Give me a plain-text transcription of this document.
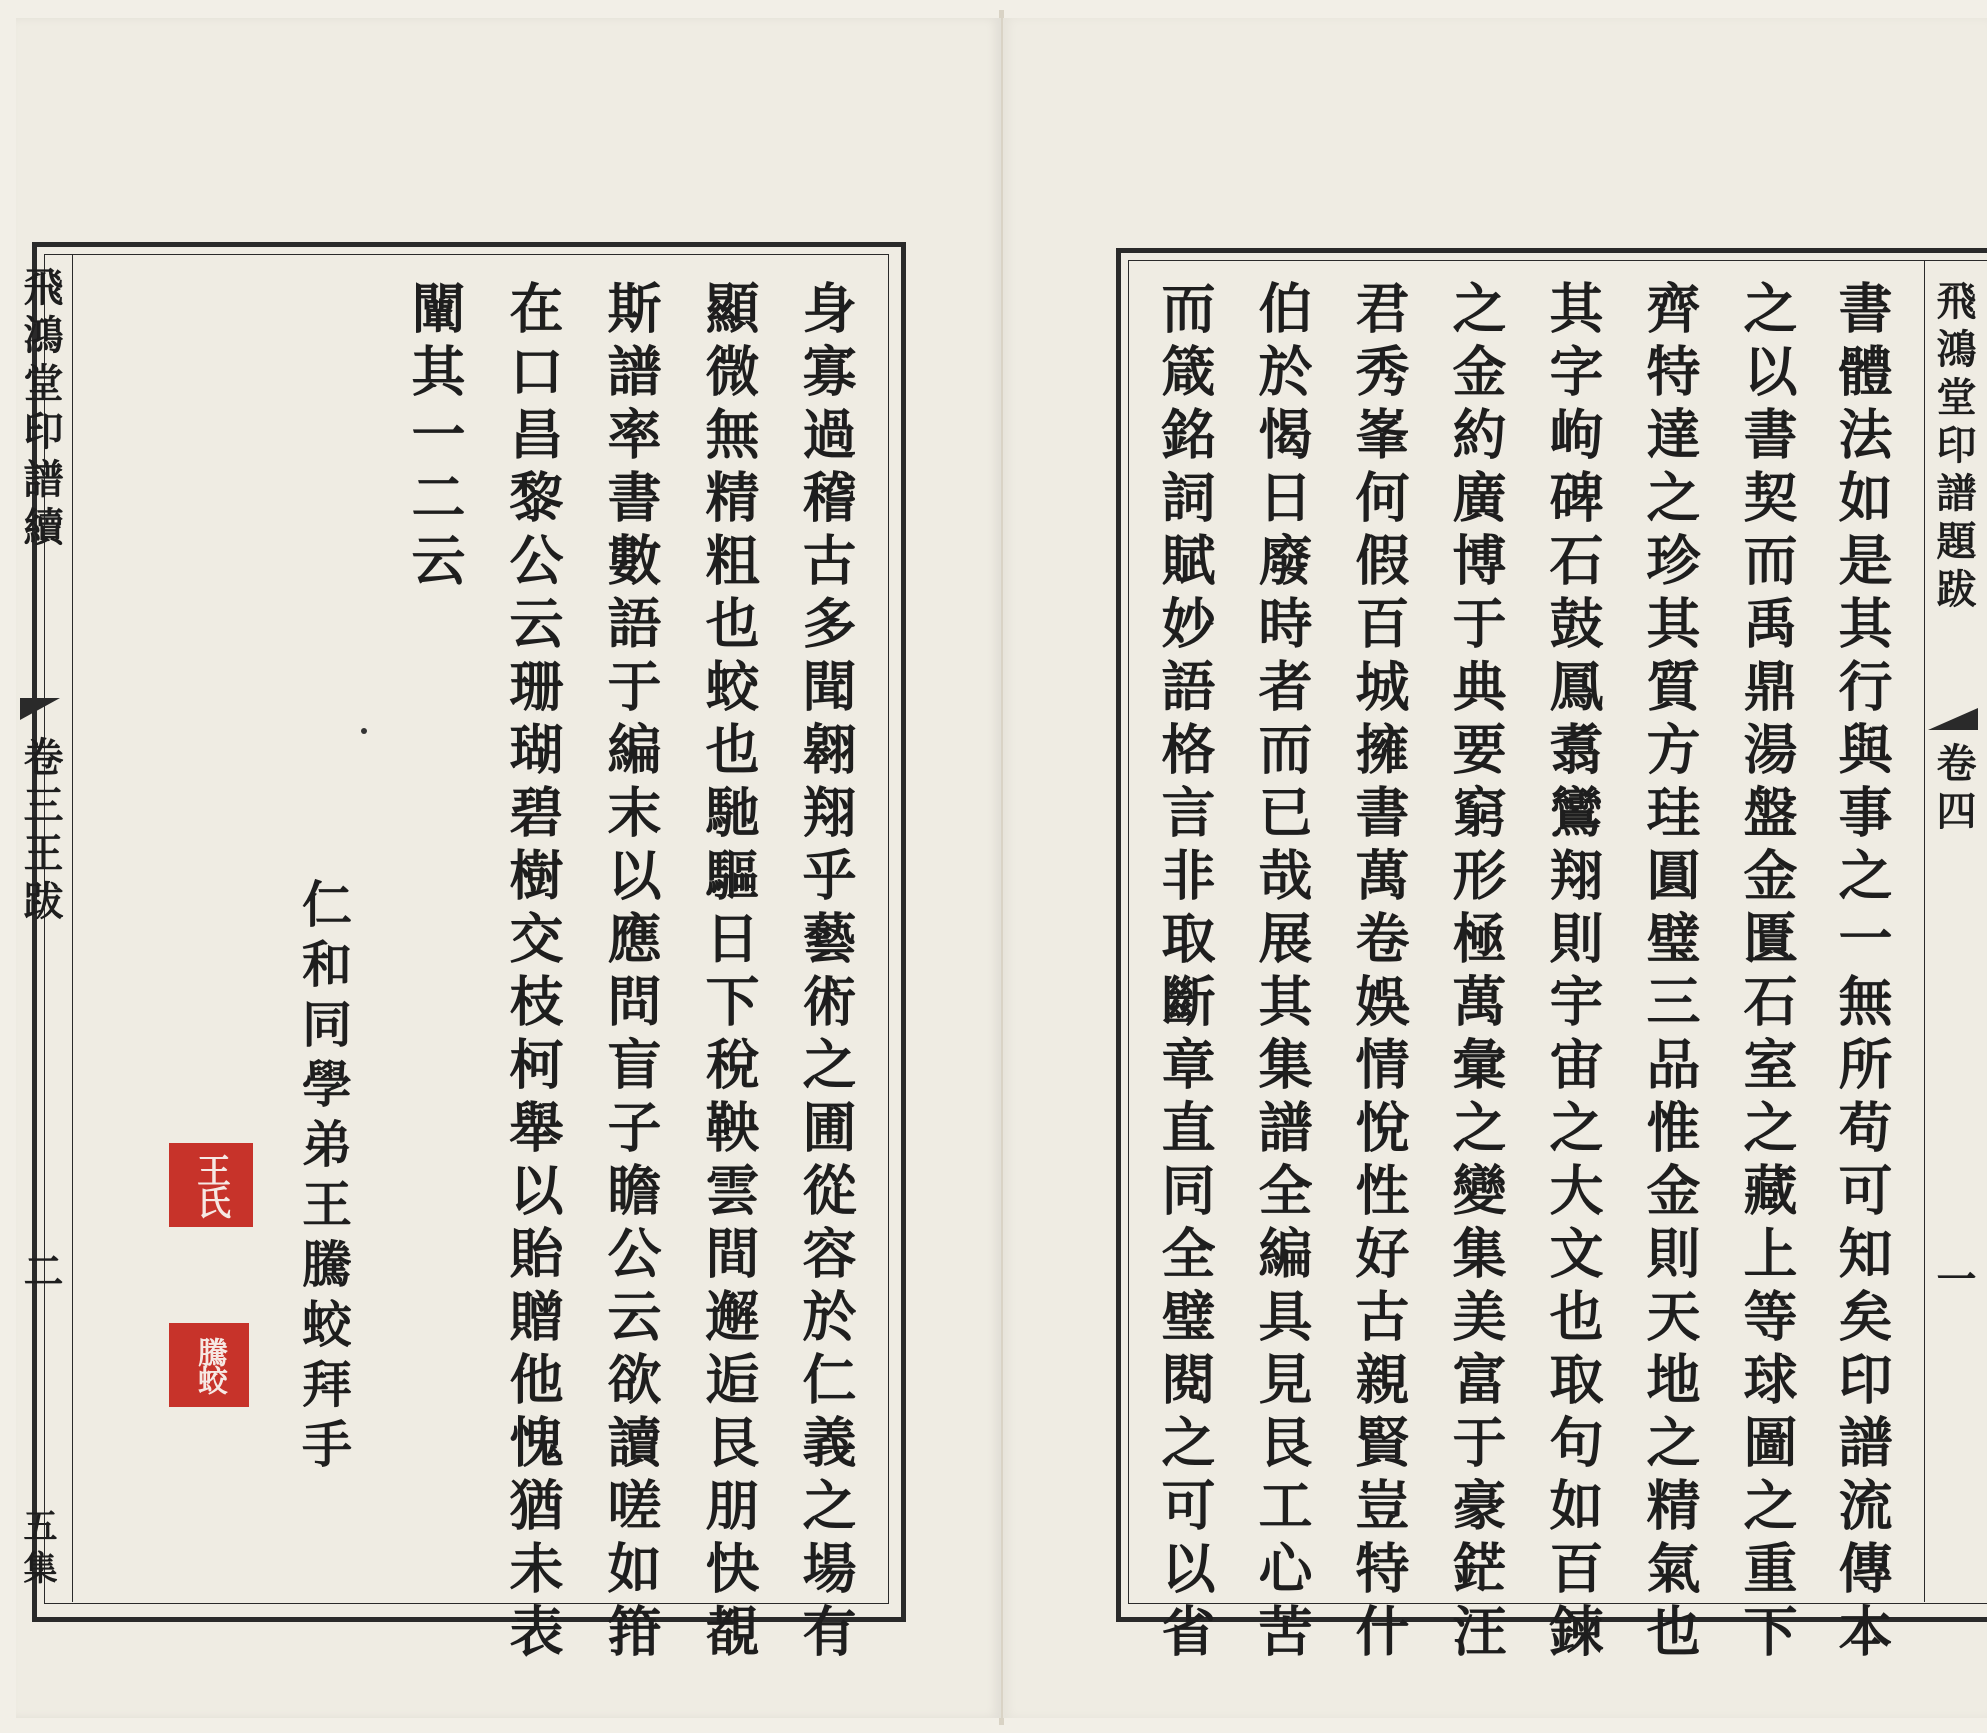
身寡過稽古多聞翱翔乎藝術之圃從容於仁義之場有
顯微無精粗也蛟也馳驅日下稅鞅雲間邂逅艮朋快覩
斯譜率書數語于編末以應問盲子瞻公云欲讀嗟如箝
在口昌黎公云珊瑚碧樹交枝柯舉以貽贈他愧猶未表
闡其一二云
仁和同學弟王騰蛟拜手
王氏
騰蛟
飛鴻堂印譜續
卷三王跋
二
五集	書體法如是其行與事之一無所苟可知矣印譜流傳本
之以書契而禹鼎湯盤金匱石室之藏上等球圖之重下
齊特達之珍其質方珪圓璧三品惟金則天地之精氣也
其字岣碑石鼓鳳翥鸞翔則宇宙之大文也取句如百鍊
之金約廣博于典要窮形極萬彙之變集美富于豪鋩汪
君秀峯何假百城擁書萬卷娛情悅性好古親賢豈特什
伯於愒日廢時者而已哉展其集譜全編具見艮工心苦
而箴銘詞賦妙語格言非取斷章直同全璧閱之可以省	飛鴻堂印譜題跋
卷四
一
